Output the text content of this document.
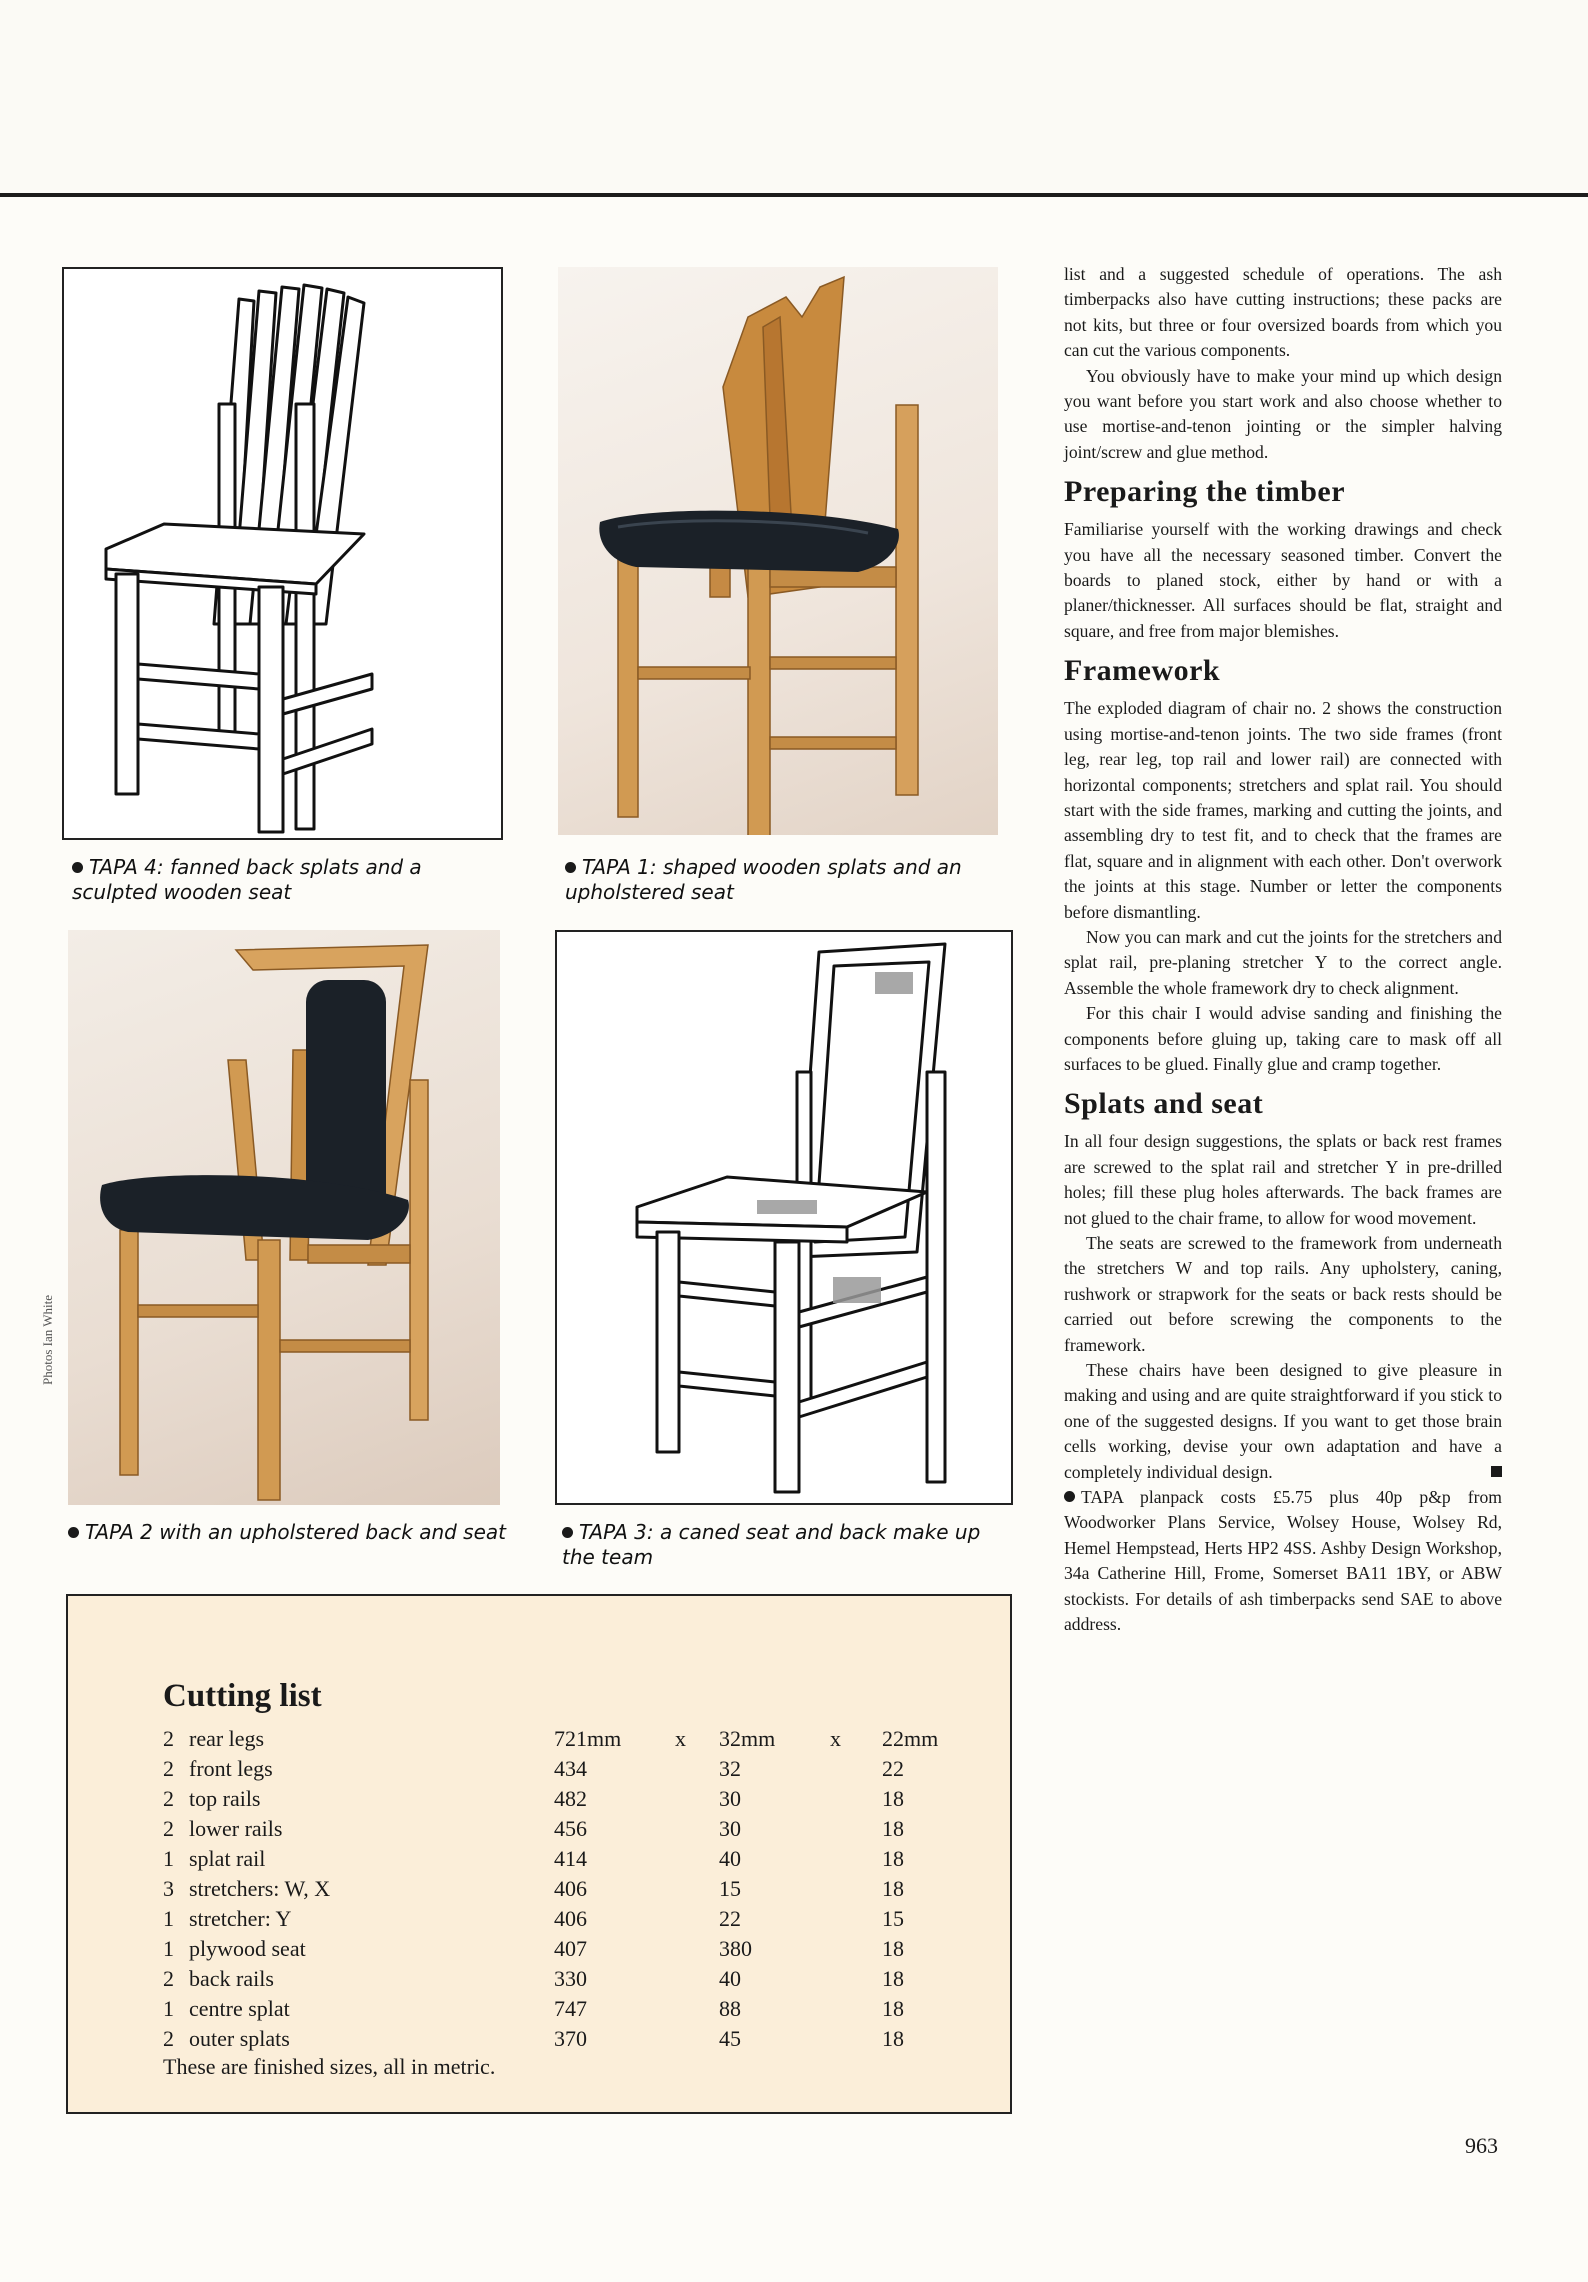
TAPA 4: fanned back splats and a sculpted wooden seat
TAPA 1: shaped wooden splats and an upholstered seat
Photos Ian White
TAPA 2 with an upholstered back and seat	TAPA 3: a caned seat and back make up the team
Cutting list
2 rear legs	721mm x 32mm x 22mm
2 front legs	434	32	22
2 top rails	482	30	18
2 lower rails	456	30	18
1 splat rail	414	40	18
3 stretchers: W, X	406	15	18
1 stretcher: Y	406	22	15
1 plywood seat	407	380	18
2 back rails	330	40	18
1 centre splat	747	88	18
2 outer splats	370	45	18
These are finished sizes, all in metric.

list and a suggested schedule of operations. The ash timberpacks also have cutting instructions; these packs are not kits, but three or four oversized boards from which you can cut the various components.

You obviously have to make your mind up which design you want before you start work and also choose whether to use mortise-and-tenon jointing or the simpler halving joint/screw and glue method.

Preparing the timber

Familiarise yourself with the working drawings and check you have all the necessary seasoned timber. Convert the boards to planed stock, either by hand or with a planer/thicknesser. All surfaces should be flat, straight and square, and free from major blemishes.

Framework

The exploded diagram of chair no. 2 shows the construction using mortise-and-tenon joints. The two side frames (front leg, rear leg, top rail and lower rail) are connected with horizontal components; stretchers and splat rail. You should start with the side frames, marking and cutting the joints, and assembling dry to test fit, and to check that the frames are flat, square and in alignment with each other. Don't overwork the joints at this stage. Number or letter the components before dismantling.

Now you can mark and cut the joints for the stretchers and splat rail, pre-planing stretcher Y to the correct angle. Assemble the whole framework dry to check alignment.

For this chair I would advise sanding and finishing the components before gluing up, taking care to mask off all surfaces to be glued. Finally glue and cramp together.

Splats and seat

In all four design suggestions, the splats or back rest frames are screwed to the splat rail and stretcher Y in pre-drilled holes; fill these plug holes afterwards. The back frames are not glued to the chair frame, to allow for wood movement.

The seats are screwed to the framework from underneath the stretchers W and top rails. Any upholstery, caning, rushwork or strapwork for the seats or back rests should be carried out before screwing the components to the framework.

These chairs have been designed to give pleasure in making and using and are quite straightforward if you stick to one of the suggested designs. If you want to get those brain cells working, devise your own adaptation and have a completely individual design.

TAPA planpack costs £5.75 plus 40p p&p from Woodworker Plans Service, Wolsey House, Wolsey Rd, Hemel Hempstead, Herts HP2 4SS. Ashby Design Workshop, 34a Catherine Hill, Frome, Somerset BA11 1BY, or ABW stockists. For details of ash timberpacks send SAE to above address.

963
